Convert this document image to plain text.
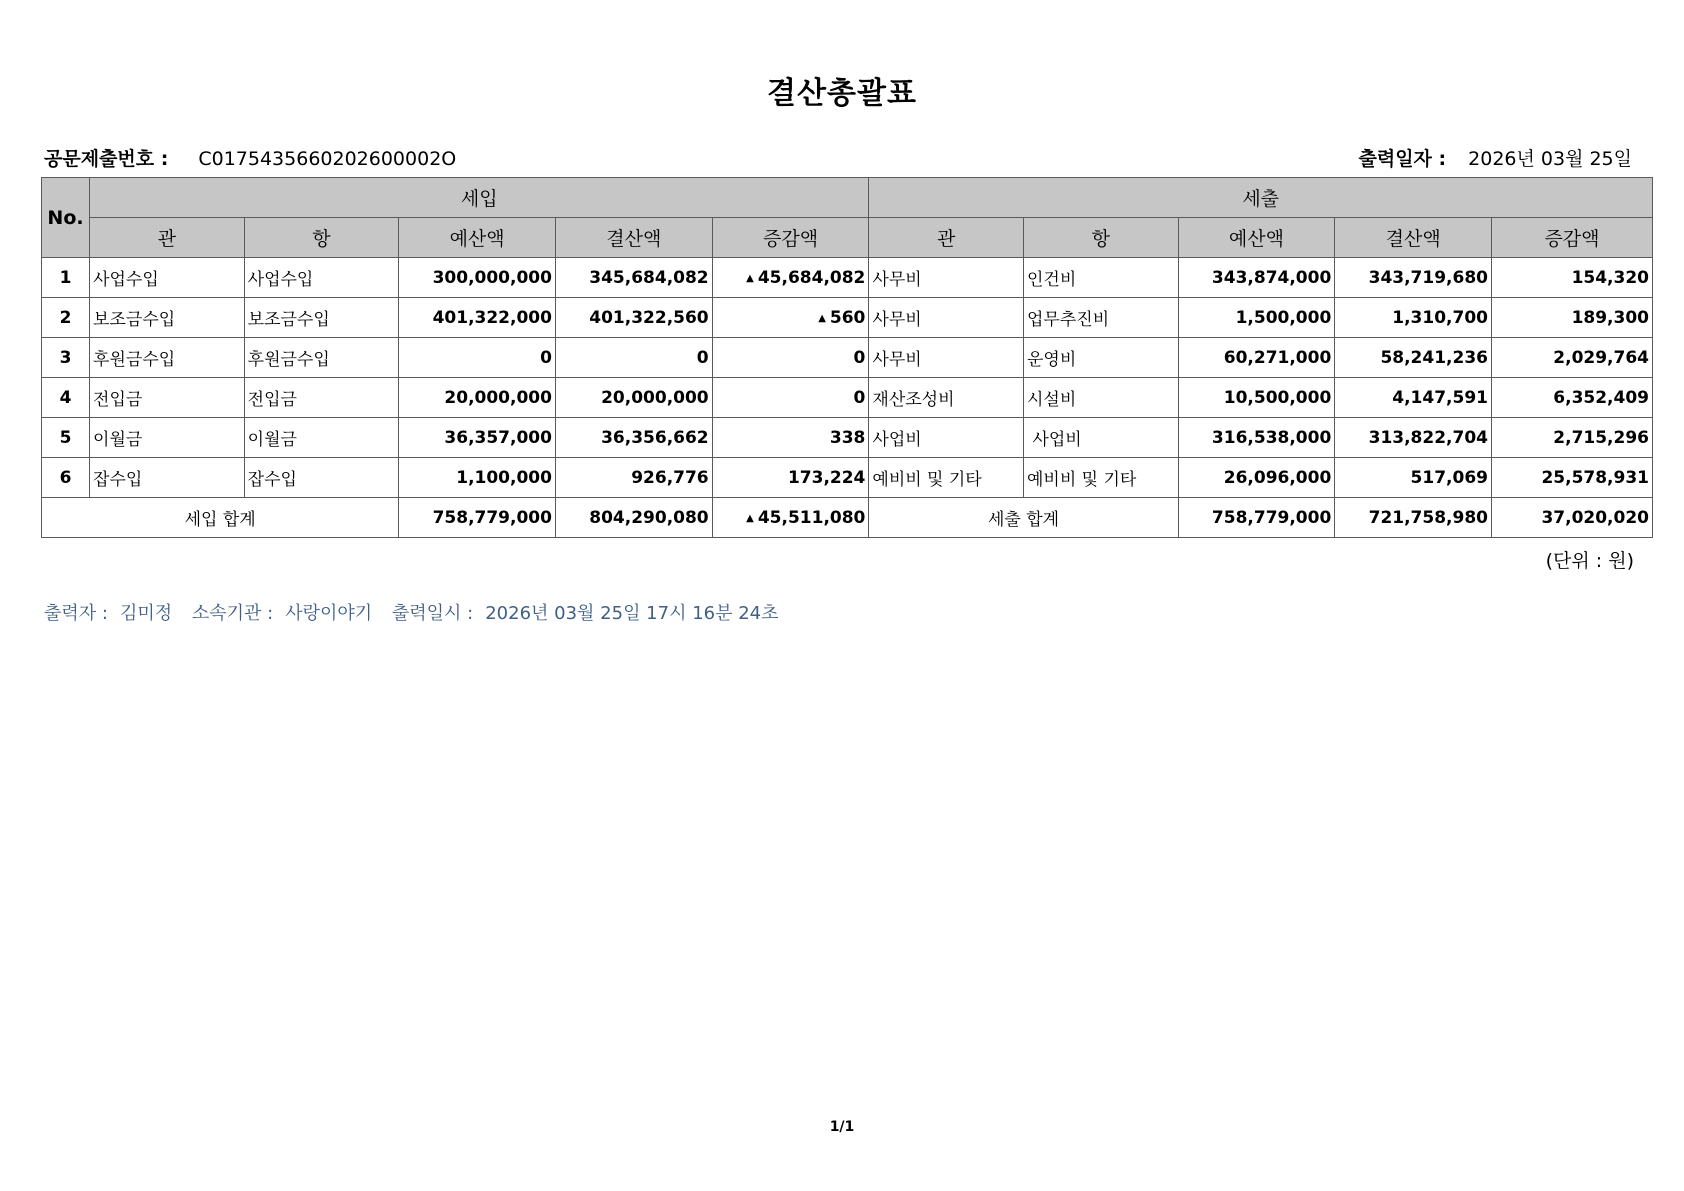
결산총괄표
공문제출번호 : C0175435660202600002O	출력일자 : 2026년 03월 25일
No.	세입					세출				
	관	항	예산액	결산액	증감액	관	항	예산액	결산액	증감액
1	사업수입	사업수입	300,000,000	345,684,082	▲ 45,684,082	사무비	인건비	343,874,000	343,719,680	154,320
2	보조금수입	보조금수입	401,322,000	401,322,560	▲ 560	사무비	업무추진비	1,500,000	1,310,700	189,300
3	후원금수입	후원금수입	0	0	0	사무비	운영비	60,271,000	58,241,236	2,029,764
4	전입금	전입금	20,000,000	20,000,000	0	재산조성비	시설비	10,500,000	4,147,591	6,352,409
5	이월금	이월금	36,357,000	36,356,662	338	사업비	사업비	316,538,000	313,822,704	2,715,296
6	잡수입	잡수입	1,100,000	926,776	173,224	예비비 및 기타	예비비 및 기타	26,096,000	517,069	25,578,931
세입 합계			758,779,000	804,290,080	▲ 45,511,080	세출 합계		758,779,000	721,758,980	37,020,020
(단위 : 원)
출력자 : 김미정 소속기관 : 사랑이야기 출력일시 : 2026년 03월 25일 17시 16분 24초
1/1
